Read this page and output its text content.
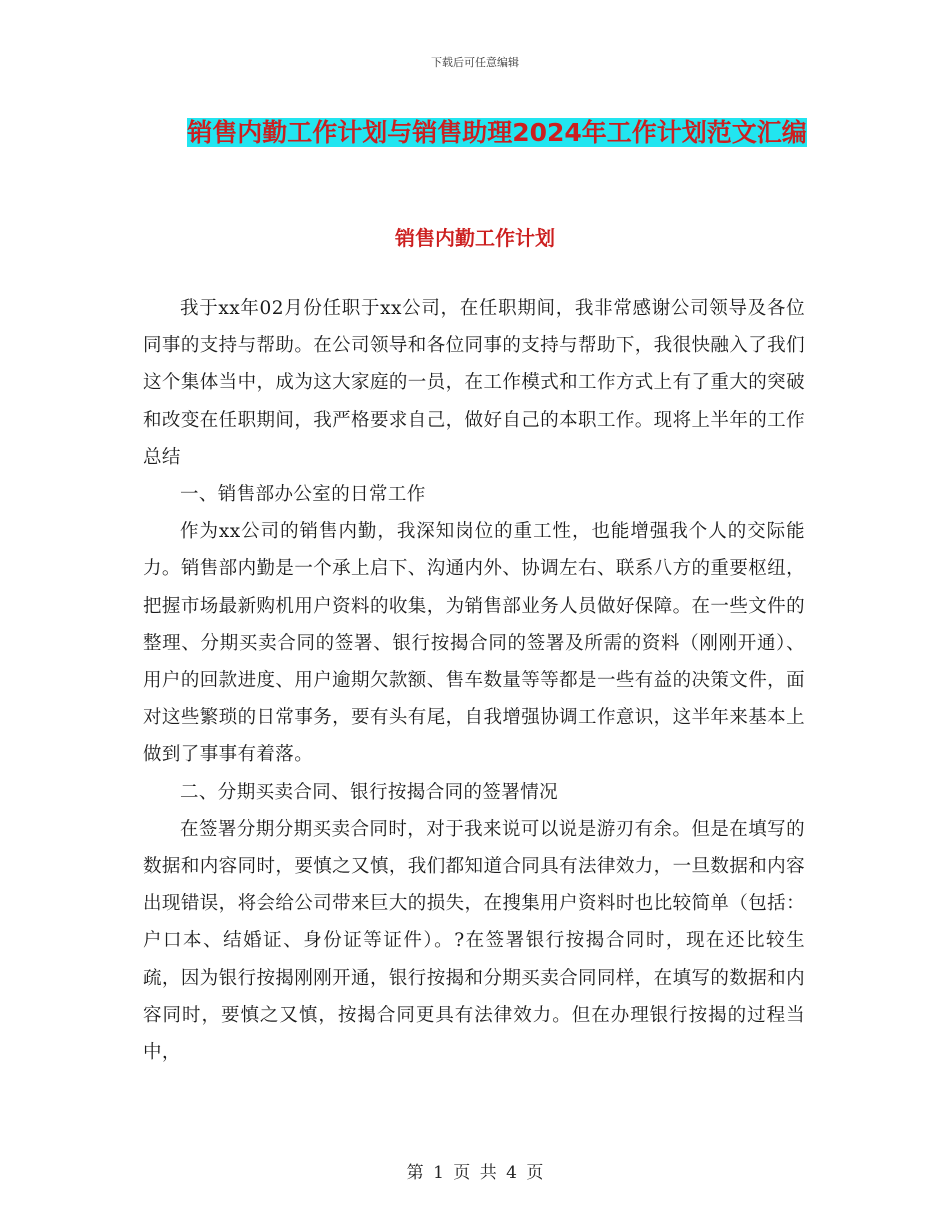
下载后可任意编辑
销售内勤工作计划与销售助理2024年工作计划范文汇编
销售内勤工作计划

我于xx年02月份任职于xx公司，在任职期间，我非常感谢公司领导及各位同事的支持与帮助。在公司领导和各位同事的支持与帮助下，我很快融入了我们这个集体当中，成为这大家庭的一员，在工作模式和工作方式上有了重大的突破和改变在任职期间，我严格要求自己，做好自己的本职工作。现将上半年的工作总结

一、销售部办公室的日常工作

作为xx公司的销售内勤，我深知岗位的重工性，也能增强我个人的交际能力。销售部内勤是一个承上启下、沟通内外、协调左右、联系八方的重要枢纽，把握市场最新购机用户资料的收集，为销售部业务人员做好保障。在一些文件的整理、分期买卖合同的签署、银行按揭合同的签署及所需的资料（刚刚开通）、用户的回款进度、用户逾期欠款额、售车数量等等都是一些有益的决策文件，面对这些繁琐的日常事务，要有头有尾，自我增强协调工作意识，这半年来基本上做到了事事有着落。

二、分期买卖合同、银行按揭合同的签署情况

在签署分期分期买卖合同时，对于我来说可以说是游刃有余。但是在填写的数据和内容同时，要慎之又慎，我们都知道合同具有法律效力，一旦数据和内容出现错误，将会给公司带来巨大的损失，在搜集用户资料时也比较简单（包括：户口本、结婚证、身份证等证件）。?在签署银行按揭合同时，现在还比较生疏，因为银行按揭刚刚开通，银行按揭和分期买卖合同同样，在填写的数据和内容同时，要慎之又慎，按揭合同更具有法律效力。但在办理银行按揭的过程当中，

第 1 页 共 4 页
